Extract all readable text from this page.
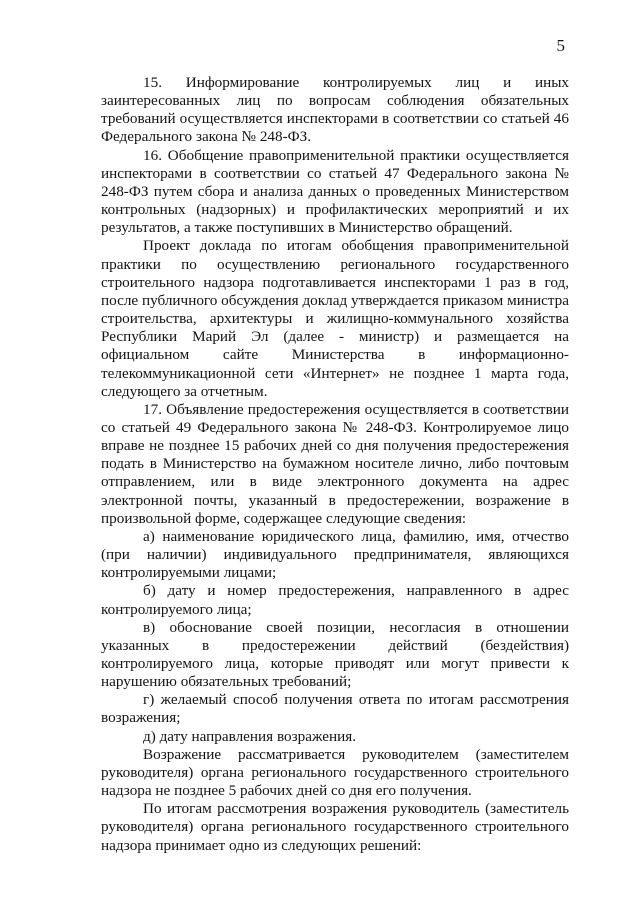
5

15. Информирование контролируемых лиц и иных заинтересованных лиц по вопросам соблюдения обязательных требований осуществляется инспекторами в соответствии со статьей 46 Федерального закона № 248-ФЗ.

16. Обобщение правоприменительной практики осуществляется инспекторами в соответствии со статьей 47 Федерального закона № 248-ФЗ путем сбора и анализа данных о проведенных Министерством контрольных (надзорных) и профилактических мероприятий и их результатов, а также поступивших в Министерство обращений.

Проект доклада по итогам обобщения правоприменительной практики по осуществлению регионального государственного строительного надзора подготавливается инспекторами 1 раз в год, после публичного обсуждения доклад утверждается приказом министра строительства, архитектуры и жилищно-коммунального хозяйства Республики Марий Эл (далее - министр) и размещается на официальном сайте Министерства в информационно-телекоммуникационной сети «Интернет» не позднее 1 марта года, следующего за отчетным.

17. Объявление предостережения осуществляется в соответствии со статьей 49 Федерального закона № 248-ФЗ. Контролируемое лицо вправе не позднее 15 рабочих дней со дня получения предостережения подать в Министерство на бумажном носителе лично, либо почтовым отправлением, или в виде электронного документа на адрес электронной почты, указанный в предостережении, возражение в произвольной форме, содержащее следующие сведения:

а) наименование юридического лица, фамилию, имя, отчество (при наличии) индивидуального предпринимателя, являющихся контролируемыми лицами;

б) дату и номер предостережения, направленного в адрес контролируемого лица;

в) обоснование своей позиции, несогласия в отношении указанных в предостережении действий (бездействия) контролируемого лица, которые приводят или могут привести к нарушению обязательных требований;

г) желаемый способ получения ответа по итогам рассмотрения возражения;

д) дату направления возражения.

Возражение рассматривается руководителем (заместителем руководителя) органа регионального государственного строительного надзора не позднее 5 рабочих дней со дня его получения.

По итогам рассмотрения возражения руководитель (заместитель руководителя) органа регионального государственного строительного надзора принимает одно из следующих решений:
